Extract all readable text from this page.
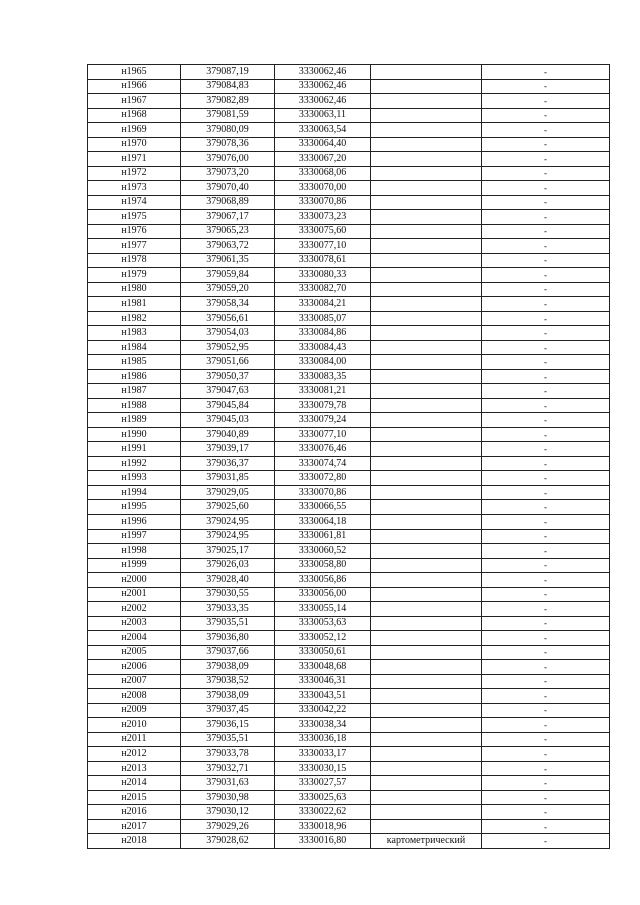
н1965	379087,19	3330062,46		-
н1966	379084,83	3330062,46		-
н1967	379082,89	3330062,46		-
н1968	379081,59	3330063,11		-
н1969	379080,09	3330063,54		-
н1970	379078,36	3330064,40		-
н1971	379076,00	3330067,20		-
н1972	379073,20	3330068,06		-
н1973	379070,40	3330070,00		-
н1974	379068,89	3330070,86		-
н1975	379067,17	3330073,23		-
н1976	379065,23	3330075,60		-
н1977	379063,72	3330077,10		-
н1978	379061,35	3330078,61		-
н1979	379059,84	3330080,33		-
н1980	379059,20	3330082,70		-
н1981	379058,34	3330084,21		-
н1982	379056,61	3330085,07		-
н1983	379054,03	3330084,86		-
н1984	379052,95	3330084,43		-
н1985	379051,66	3330084,00		-
н1986	379050,37	3330083,35		-
н1987	379047,63	3330081,21		-
н1988	379045,84	3330079,78		-
н1989	379045,03	3330079,24		-
н1990	379040,89	3330077,10		-
н1991	379039,17	3330076,46		-
н1992	379036,37	3330074,74		-
н1993	379031,85	3330072,80		-
н1994	379029,05	3330070,86		-
н1995	379025,60	3330066,55		-
н1996	379024,95	3330064,18		-
н1997	379024,95	3330061,81		-
н1998	379025,17	3330060,52		-
н1999	379026,03	3330058,80		-
н2000	379028,40	3330056,86		-
н2001	379030,55	3330056,00		-
н2002	379033,35	3330055,14		-
н2003	379035,51	3330053,63		-
н2004	379036,80	3330052,12		-
н2005	379037,66	3330050,61		-
н2006	379038,09	3330048,68		-
н2007	379038,52	3330046,31		-
н2008	379038,09	3330043,51		-
н2009	379037,45	3330042,22		-
н2010	379036,15	3330038,34		-
н2011	379035,51	3330036,18		-
н2012	379033,78	3330033,17		-
н2013	379032,71	3330030,15		-
н2014	379031,63	3330027,57		-
н2015	379030,98	3330025,63		-
н2016	379030,12	3330022,62		-
н2017	379029,26	3330018,96		-
н2018	379028,62	3330016,80	картометрический	-
